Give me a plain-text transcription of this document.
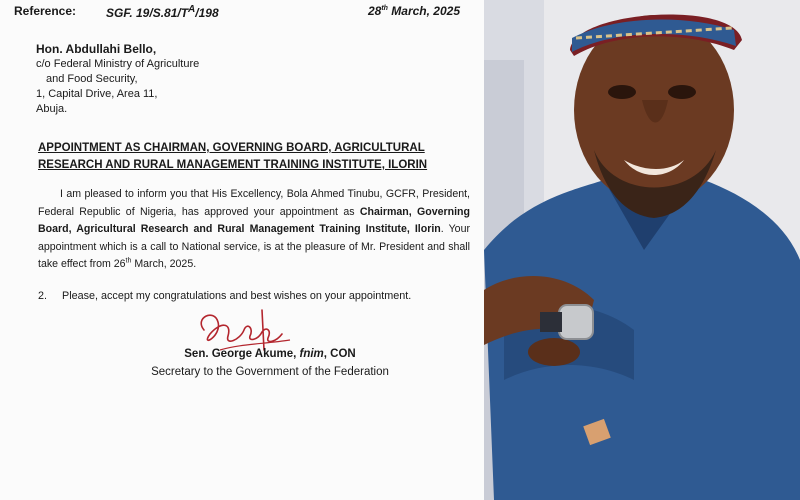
Reference: SGF. $19/S.81/T^A/198$	28th March, 2025
Hon. Abdullahi Bello,
c/o Federal Ministry of Agriculture
and Food Security,
1, Capital Drive, Area 11,
Abuja.
APPOINTMENT AS CHAIRMAN, GOVERNING BOARD, AGRICULTURAL RESEARCH AND RURAL MANAGEMENT TRAINING INSTITUTE, ILORIN
I am pleased to inform you that His Excellency, Bola Ahmed Tinubu, GCFR, President, Federal Republic of Nigeria, has approved your appointment as Chairman, Governing Board, Agricultural Research and Rural Management Training Institute, Ilorin. Your appointment which is a call to National service, is at the pleasure of Mr. President and shall take effect from 26th March, 2025.
2. Please, accept my congratulations and best wishes on your appointment.
Sen. George Akume, fnim, CON
Secretary to the Government of the Federation
